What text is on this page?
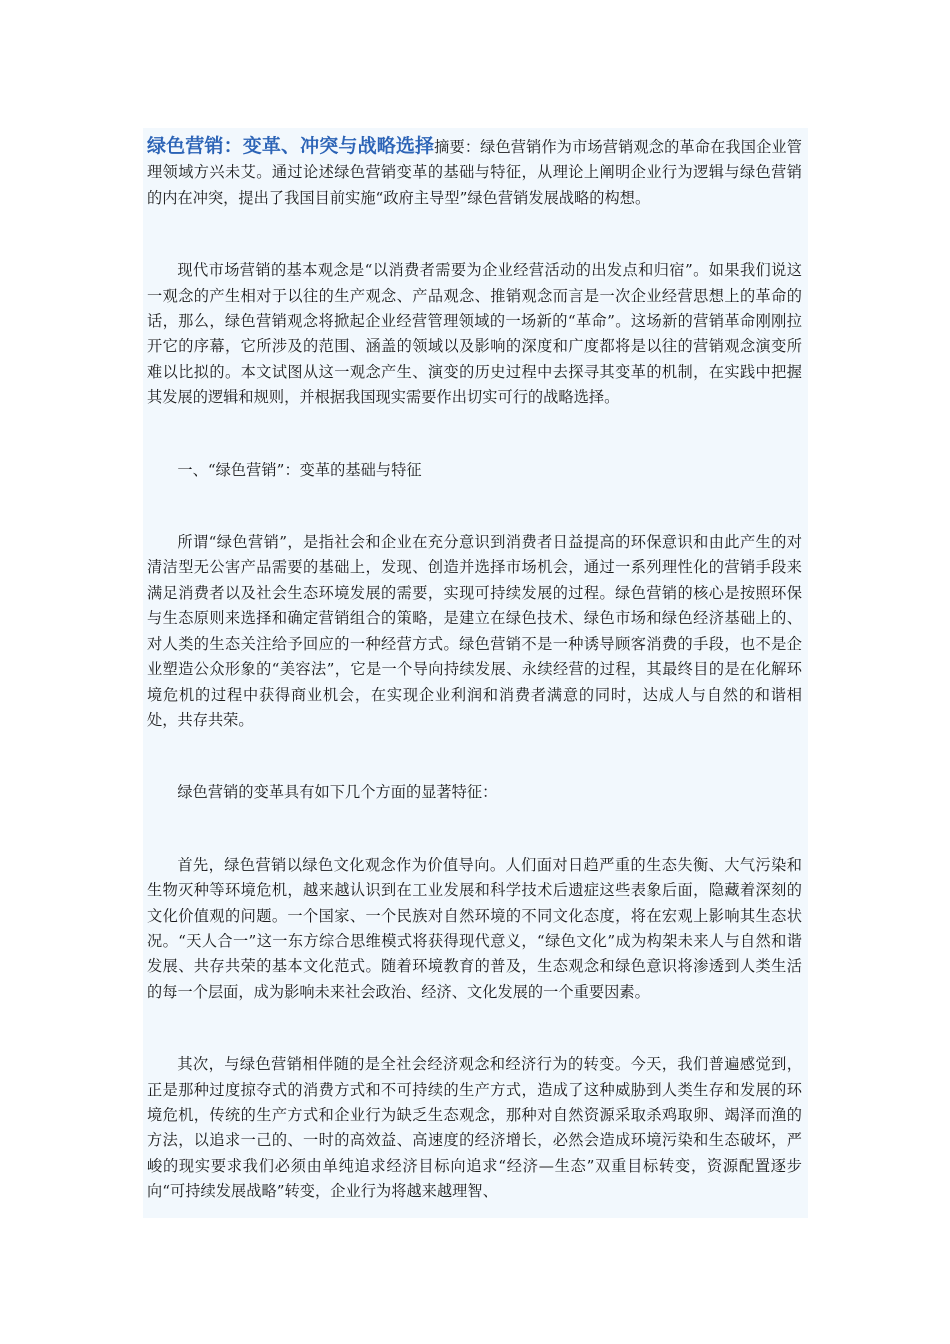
绿色营销：变革、冲突与战略选择摘要：绿色营销作为市场营销观念的革命在我国企业管理领域方兴未艾。通过论述绿色营销变革的基础与特征，从理论上阐明企业行为逻辑与绿色营销的内在冲突，提出了我国目前实施“政府主导型”绿色营销发展战略的构想。

现代市场营销的基本观念是“以消费者需要为企业经营活动的出发点和归宿”。如果我们说这一观念的产生相对于以往的生产观念、产品观念、推销观念而言是一次企业经营思想上的革命的话，那么，绿色营销观念将掀起企业经营管理领域的一场新的“革命”。这场新的营销革命刚刚拉开它的序幕，它所涉及的范围、涵盖的领域以及影响的深度和广度都将是以往的营销观念演变所难以比拟的。本文试图从这一观念产生、演变的历史过程中去探寻其变革的机制，在实践中把握其发展的逻辑和规则，并根据我国现实需要作出切实可行的战略选择。

一、“绿色营销”：变革的基础与特征

所谓“绿色营销”，是指社会和企业在充分意识到消费者日益提高的环保意识和由此产生的对清洁型无公害产品需要的基础上，发现、创造并选择市场机会，通过一系列理性化的营销手段来满足消费者以及社会生态环境发展的需要，实现可持续发展的过程。绿色营销的核心是按照环保与生态原则来选择和确定营销组合的策略，是建立在绿色技术、绿色市场和绿色经济基础上的、对人类的生态关注给予回应的一种经营方式。绿色营销不是一种诱导顾客消费的手段，也不是企业塑造公众形象的“美容法”，它是一个导向持续发展、永续经营的过程，其最终目的是在化解环境危机的过程中获得商业机会，在实现企业利润和消费者满意的同时，达成人与自然的和谐相处，共存共荣。

绿色营销的变革具有如下几个方面的显著特征：

首先，绿色营销以绿色文化观念作为价值导向。人们面对日趋严重的生态失衡、大气污染和生物灭种等环境危机，越来越认识到在工业发展和科学技术后遗症这些表象后面，隐藏着深刻的文化价值观的问题。一个国家、一个民族对自然环境的不同文化态度，将在宏观上影响其生态状况。“天人合一”这一东方综合思维模式将获得现代意义，“绿色文化”成为构架未来人与自然和谐发展、共存共荣的基本文化范式。随着环境教育的普及，生态观念和绿色意识将渗透到人类生活的每一个层面，成为影响未来社会政治、经济、文化发展的一个重要因素。

其次，与绿色营销相伴随的是全社会经济观念和经济行为的转变。今天，我们普遍感觉到，正是那种过度掠夺式的消费方式和不可持续的生产方式，造成了这种威胁到人类生存和发展的环境危机，传统的生产方式和企业行为缺乏生态观念，那种对自然资源采取杀鸡取卵、竭泽而渔的方法，以追求一己的、一时的高效益、高速度的经济增长，必然会造成环境污染和生态破坏，严峻的现实要求我们必须由单纯追求经济目标向追求“经济—生态”双重目标转变，资源配置逐步向“可持续发展战略”转变，企业行为将越来越理智、
